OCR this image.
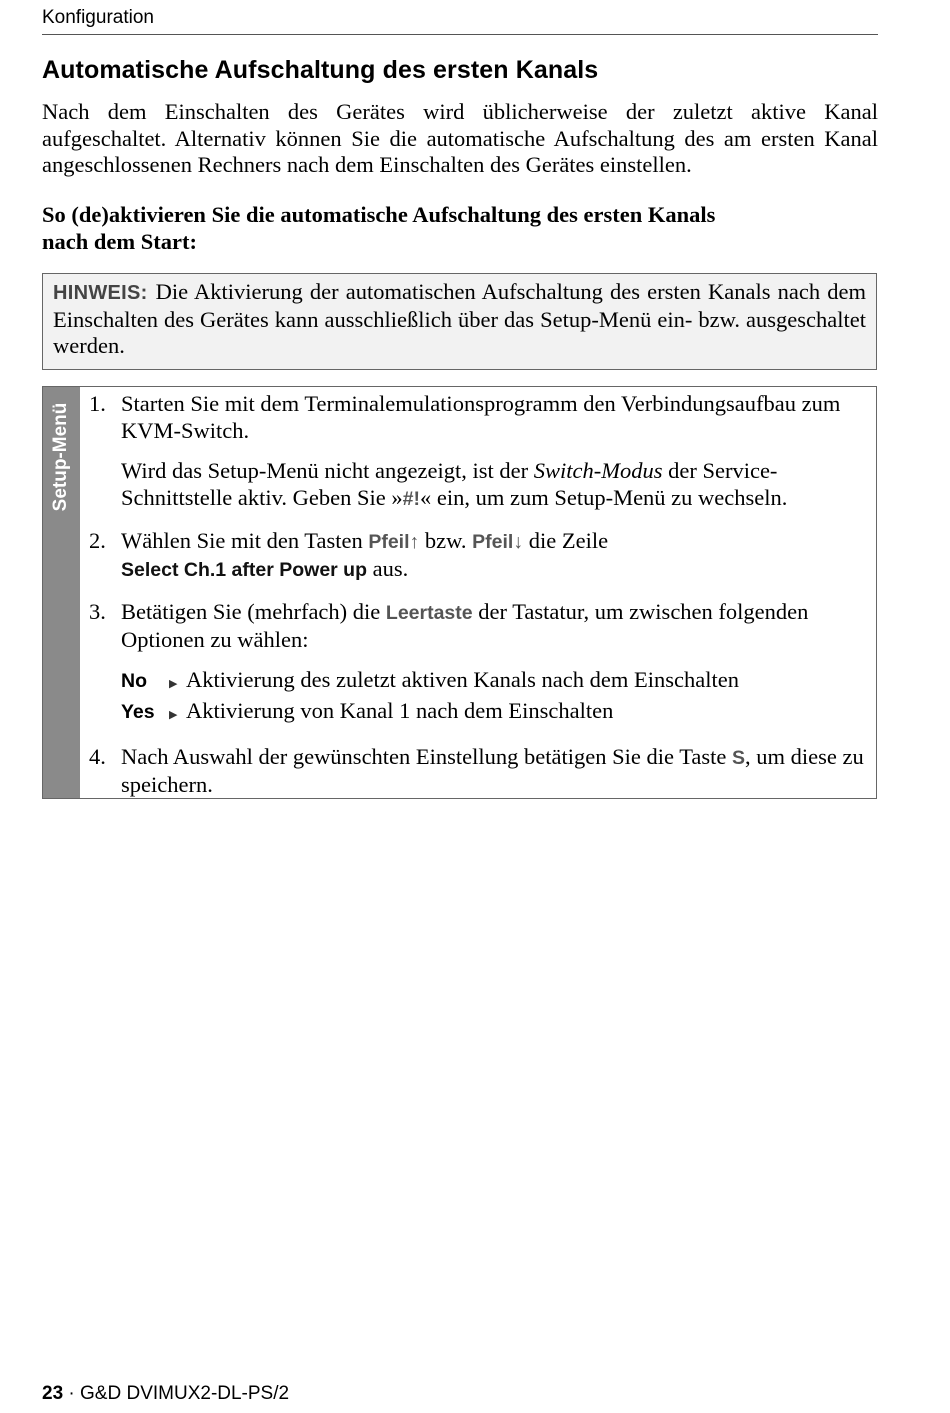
Konfiguration
Automatische Aufschaltung des ersten Kanals

Nach dem Einschalten des Gerätes wird üblicherweise der zuletzt aktive Kanal aufgeschaltet. Alternativ können Sie die automatische Aufschaltung des am ersten Kanal angeschlossenen Rechners nach dem Einschalten des Gerätes einstellen.

So (de)aktivieren Sie die automatische Aufschaltung des ersten Kanals
nach dem Start:

HINWEIS: Die Aktivierung der automatischen Aufschaltung des ersten Kanals nach dem Einschalten des Gerätes kann ausschließlich über das Setup-Menü ein- bzw. ausgeschaltet werden.

Setup-Menü 1. Starten Sie mit dem Terminalemulationsprogramm den Verbindungsaufbau zum KVM-Switch.

Wird das Setup-Menü nicht angezeigt, ist der Switch-Modus der Service-Schnittstelle aktiv. Geben Sie »#!« ein, um zum Setup-Menü zu wechseln.

2. Wählen Sie mit den Tasten Pfeil↑ bzw. Pfeil↓ die Zeile
Select Ch.1 after Power up aus.

3. Betätigen Sie (mehrfach) die Leertaste der Tastatur, um zwischen folgenden Optionen zu wählen:

No	▶ Aktivierung des zuletzt aktiven Kanals nach dem Einschalten
Yes	▶ Aktivierung von Kanal 1 nach dem Einschalten
4. Nach Auswahl der gewünschten Einstellung betätigen Sie die Taste S, um diese zu speichern.

23 · G&D DVIMUX2-DL-PS/2
